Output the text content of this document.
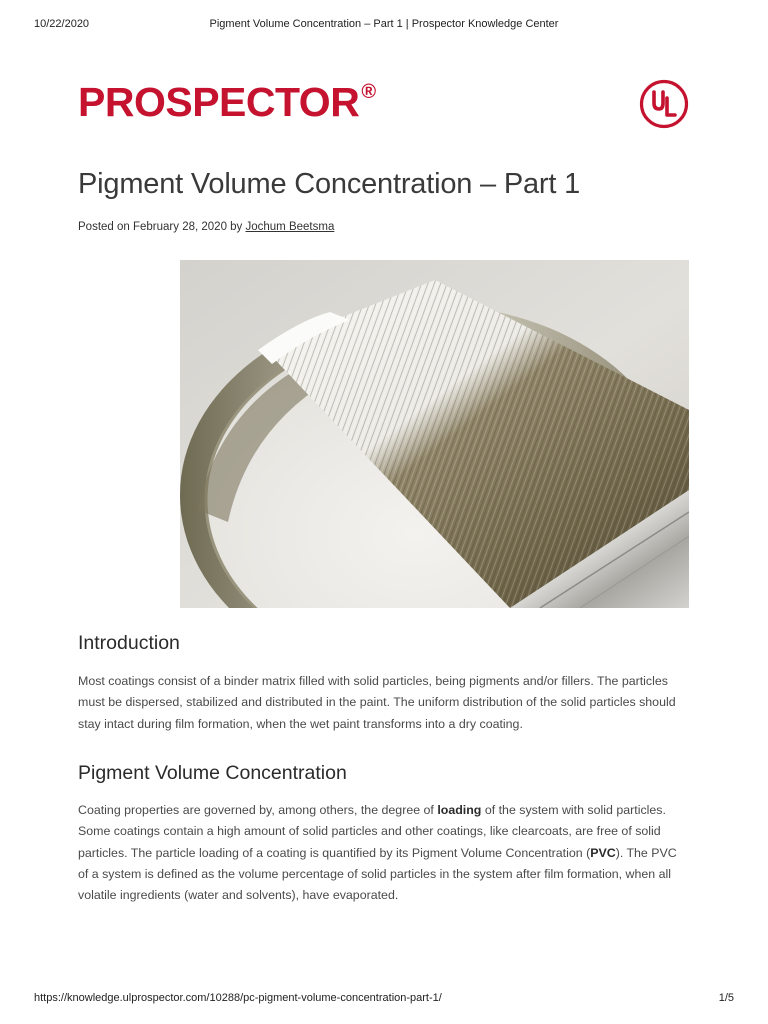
10/22/2020	Pigment Volume Concentration – Part 1 | Prospector Knowledge Center
PROSPECTOR ®
Pigment Volume Concentration – Part 1
Posted on February 28, 2020 by Jochum Beetsma
Introduction

Most coatings consist of a binder matrix filled with solid particles, being pigments and/or fillers. The particles must be dispersed, stabilized and distributed in the paint. The uniform distribution of the solid particles should stay intact during film formation, when the wet paint transforms into a dry coating.

Pigment Volume Concentration

Coating properties are governed by, among others, the degree of loading of the system with solid particles. Some coatings contain a high amount of solid particles and other coatings, like clearcoats, are free of solid particles. The particle loading of a coating is quantified by its Pigment Volume Concentration (PVC). The PVC of a system is defined as the volume percentage of solid particles in the system after film formation, when all volatile ingredients (water and solvents), have evaporated.

https://knowledge.ulprospector.com/10288/pc-pigment-volume-concentration-part-1/	1/5
